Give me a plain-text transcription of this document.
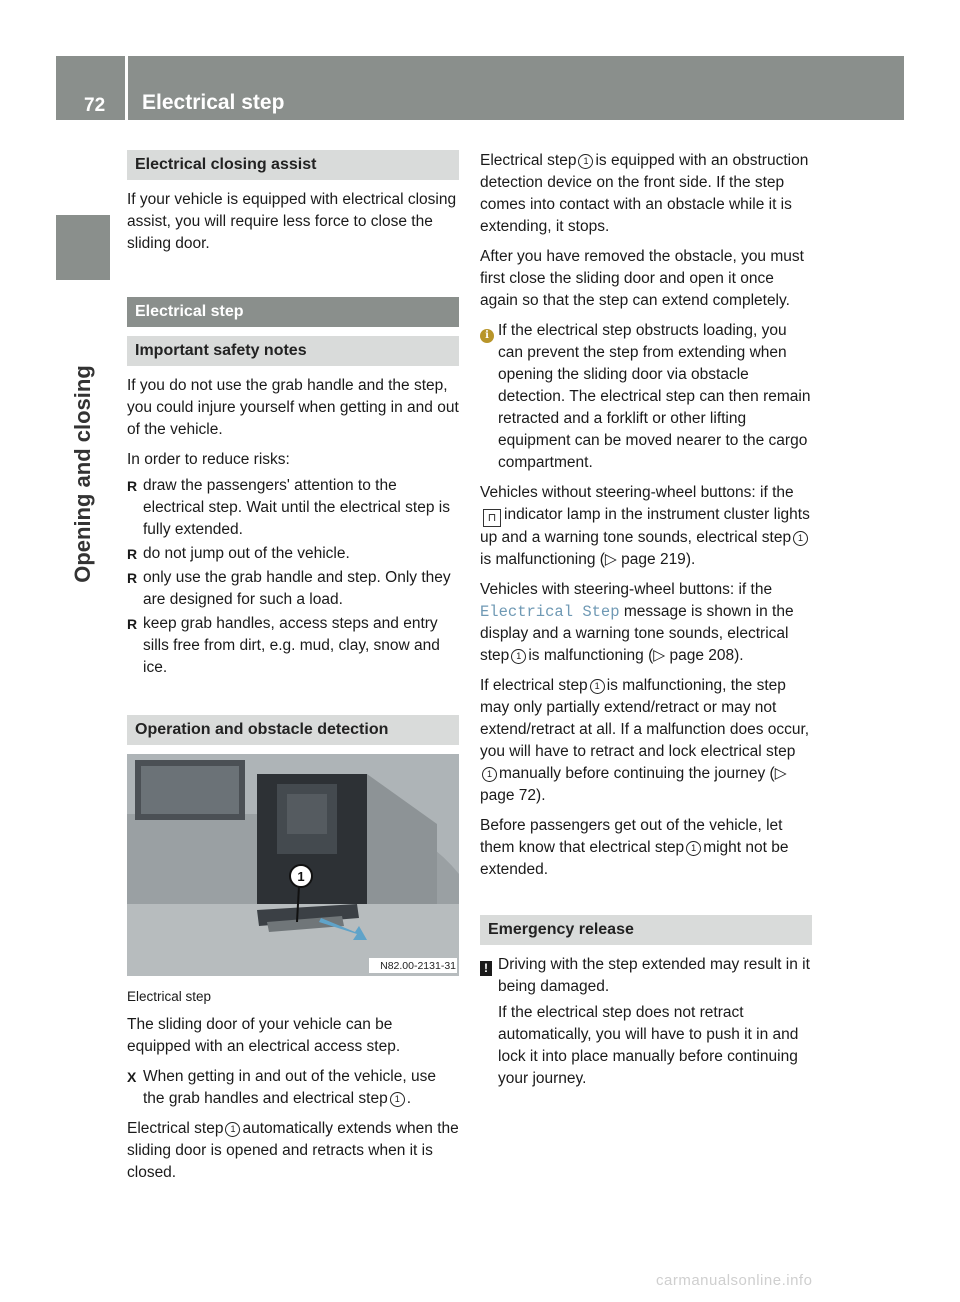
72 Electrical step
Opening and closing
Electrical closing assist

If your vehicle is equipped with electrical closing assist, you will require less force to close the sliding door.

Electrical step
Important safety notes

If you do not use the grab handle and the step, you could injure yourself when getting in and out of the vehicle.

In order to reduce risks:

R draw the passengers' attention to the electrical step. Wait until the electrical step is fully extended.
R do not jump out of the vehicle.
R only use the grab handle and step. Only they are designed for such a load.
R keep grab handles, access steps and entry sills free from dirt, e.g. mud, clay, snow and ice.
Operation and obstacle detection
1
N82.00-2131-31
Electrical step

The sliding door of your vehicle can be equipped with an electrical access step.

X When getting in and out of the vehicle, use the grab handles and electrical step 1 .

Electrical step 1 automatically extends when the sliding door is opened and retracts when it is closed.

Electrical step 1 is equipped with an obstruction detection device on the front side. If the step comes into contact with an obstacle while it is extending, it stops.

After you have removed the obstacle, you must first close the sliding door and open it once again so that the step can extend completely.

i If the electrical step obstructs loading, you can prevent the step from extending when opening the sliding door via obstacle detection. The electrical step can then remain retracted and a forklift or other lifting equipment can be moved nearer to the cargo compartment.

Vehicles without steering-wheel buttons: if the⊓ indicator lamp in the instrument cluster lights up and a warning tone sounds, electrical step 1is malfunctioning (▷ page 219).

Vehicles with steering-wheel buttons: if the Electrical Step message is shown in the display and a warning tone sounds, electrical step 1 is malfunctioning (▷ page 208).

If electrical step 1 is malfunctioning, the step may only partially extend/retract or may not extend/retract at all. If a malfunction does occur, you will have to retract and lock electrical step1 manually before continuing the journey (▷ page 72).

Before passengers get out of the vehicle, let them know that electrical step 1 might not be extended.

Emergency release
! Driving with the step extended may result in it being damaged.

If the electrical step does not retract automatically, you will have to push it in and lock it into place manually before continuing your journey.

carmanualsonline.info
